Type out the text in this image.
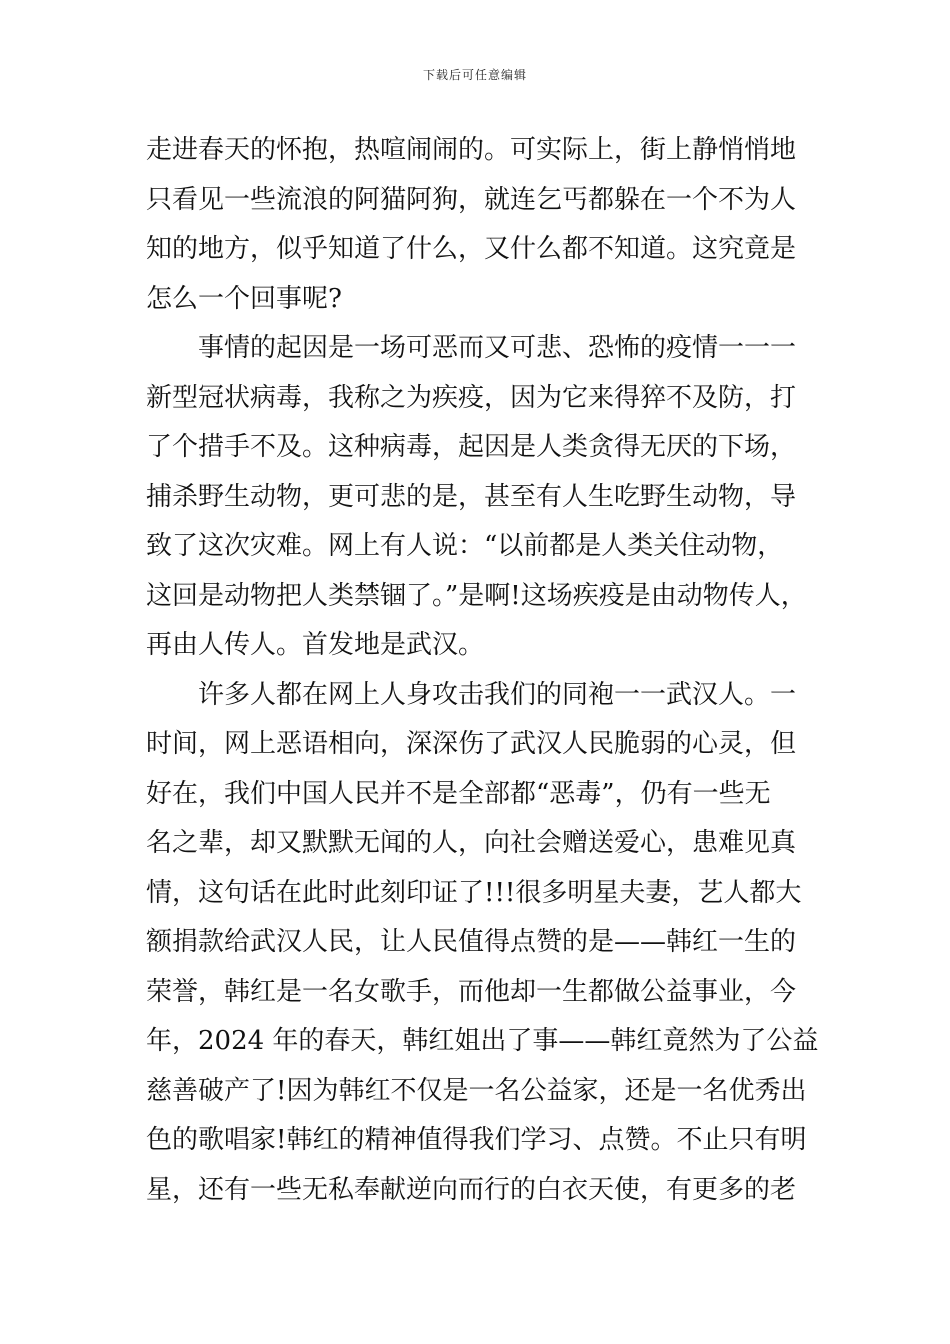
下载后可任意编辑
走进春天的怀抱，热喧闹闹的。可实际上，街上静悄悄地
只看见一些流浪的阿猫阿狗，就连乞丐都躲在一个不为人
知的地方，似乎知道了什么，又什么都不知道。这究竟是
怎么一个回事呢?
事情的起因是一场可恶而又可悲、恐怖的疫情一一一
新型冠状病毒，我称之为疾疫，因为它来得猝不及防，打
了个措手不及。这种病毒，起因是人类贪得无厌的下场，
捕杀野生动物，更可悲的是，甚至有人生吃野生动物，导
致了这次灾难。网上有人说：“以前都是人类关住动物，
这回是动物把人类禁锢了。”是啊!这场疾疫是由动物传人，
再由人传人。首发地是武汉。
许多人都在网上人身攻击我们的同袍一一武汉人。一
时间，网上恶语相向，深深伤了武汉人民脆弱的心灵，但
好在，我们中国人民并不是全部都“恶毒”，仍有一些无
名之辈，却又默默无闻的人，向社会赠送爱心，患难见真
情，这句话在此时此刻印证了!!!很多明星夫妻，艺人都大
额捐款给武汉人民，让人民值得点赞的是——韩红一生的
荣誉，韩红是一名女歌手，而他却一生都做公益事业，今
年，2024 年的春天，韩红姐出了事——韩红竟然为了公益
慈善破产了!因为韩红不仅是一名公益家，还是一名优秀出
色的歌唱家!韩红的精神值得我们学习、点赞。不止只有明
星，还有一些无私奉献逆向而行的白衣天使，有更多的老
